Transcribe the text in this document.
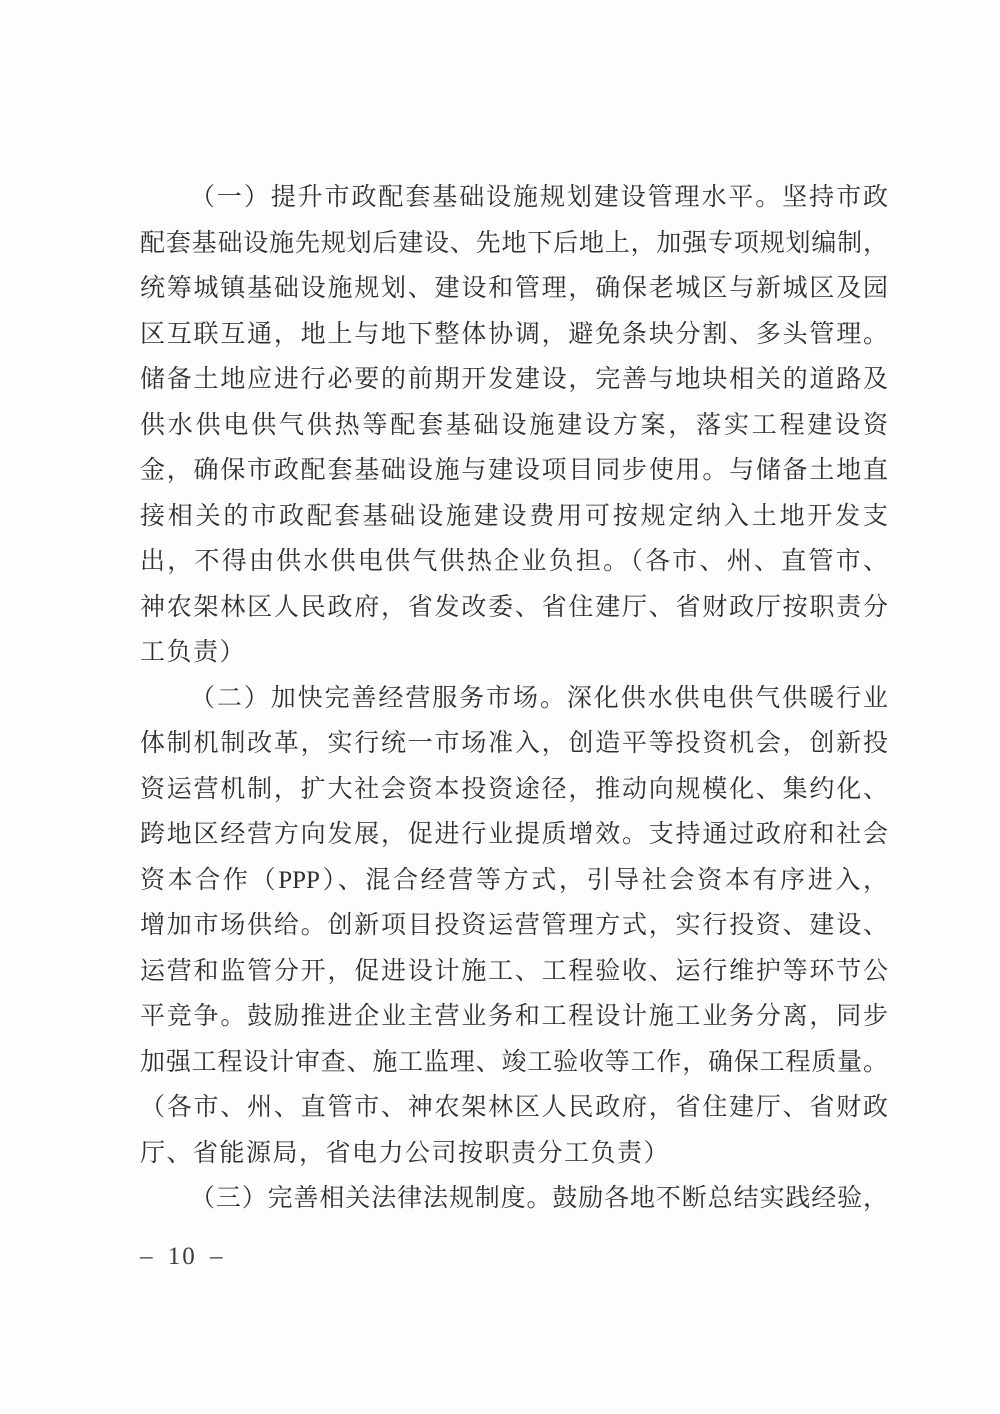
（一）提升市政配套基础设施规划建设管理水平。坚持市政
配套基础设施先规划后建设、先地下后地上，加强专项规划编制，
统筹城镇基础设施规划、建设和管理，确保老城区与新城区及园
区互联互通，地上与地下整体协调，避免条块分割、多头管理。
储备土地应进行必要的前期开发建设，完善与地块相关的道路及
供水供电供气供热等配套基础设施建设方案，落实工程建设资
金，确保市政配套基础设施与建设项目同步使用。与储备土地直
接相关的市政配套基础设施建设费用可按规定纳入土地开发支
出，不得由供水供电供气供热企业负担。（各市、州、直管市、
神农架林区人民政府，省发改委、省住建厅、省财政厅按职责分
工负责）
（二）加快完善经营服务市场。深化供水供电供气供暖行业
体制机制改革，实行统一市场准入，创造平等投资机会，创新投
资运营机制，扩大社会资本投资途径，推动向规模化、集约化、
跨地区经营方向发展，促进行业提质增效。支持通过政府和社会
资本合作（PPP）、混合经营等方式，引导社会资本有序进入，
增加市场供给。创新项目投资运营管理方式，实行投资、建设、
运营和监管分开，促进设计施工、工程验收、运行维护等环节公
平竞争。鼓励推进企业主营业务和工程设计施工业务分离，同步
加强工程设计审查、施工监理、竣工验收等工作，确保工程质量。
（各市、州、直管市、神农架林区人民政府，省住建厅、省财政
厅、省能源局，省电力公司按职责分工负责）
（三）完善相关法律法规制度。鼓励各地不断总结实践经验，
– 10 –
